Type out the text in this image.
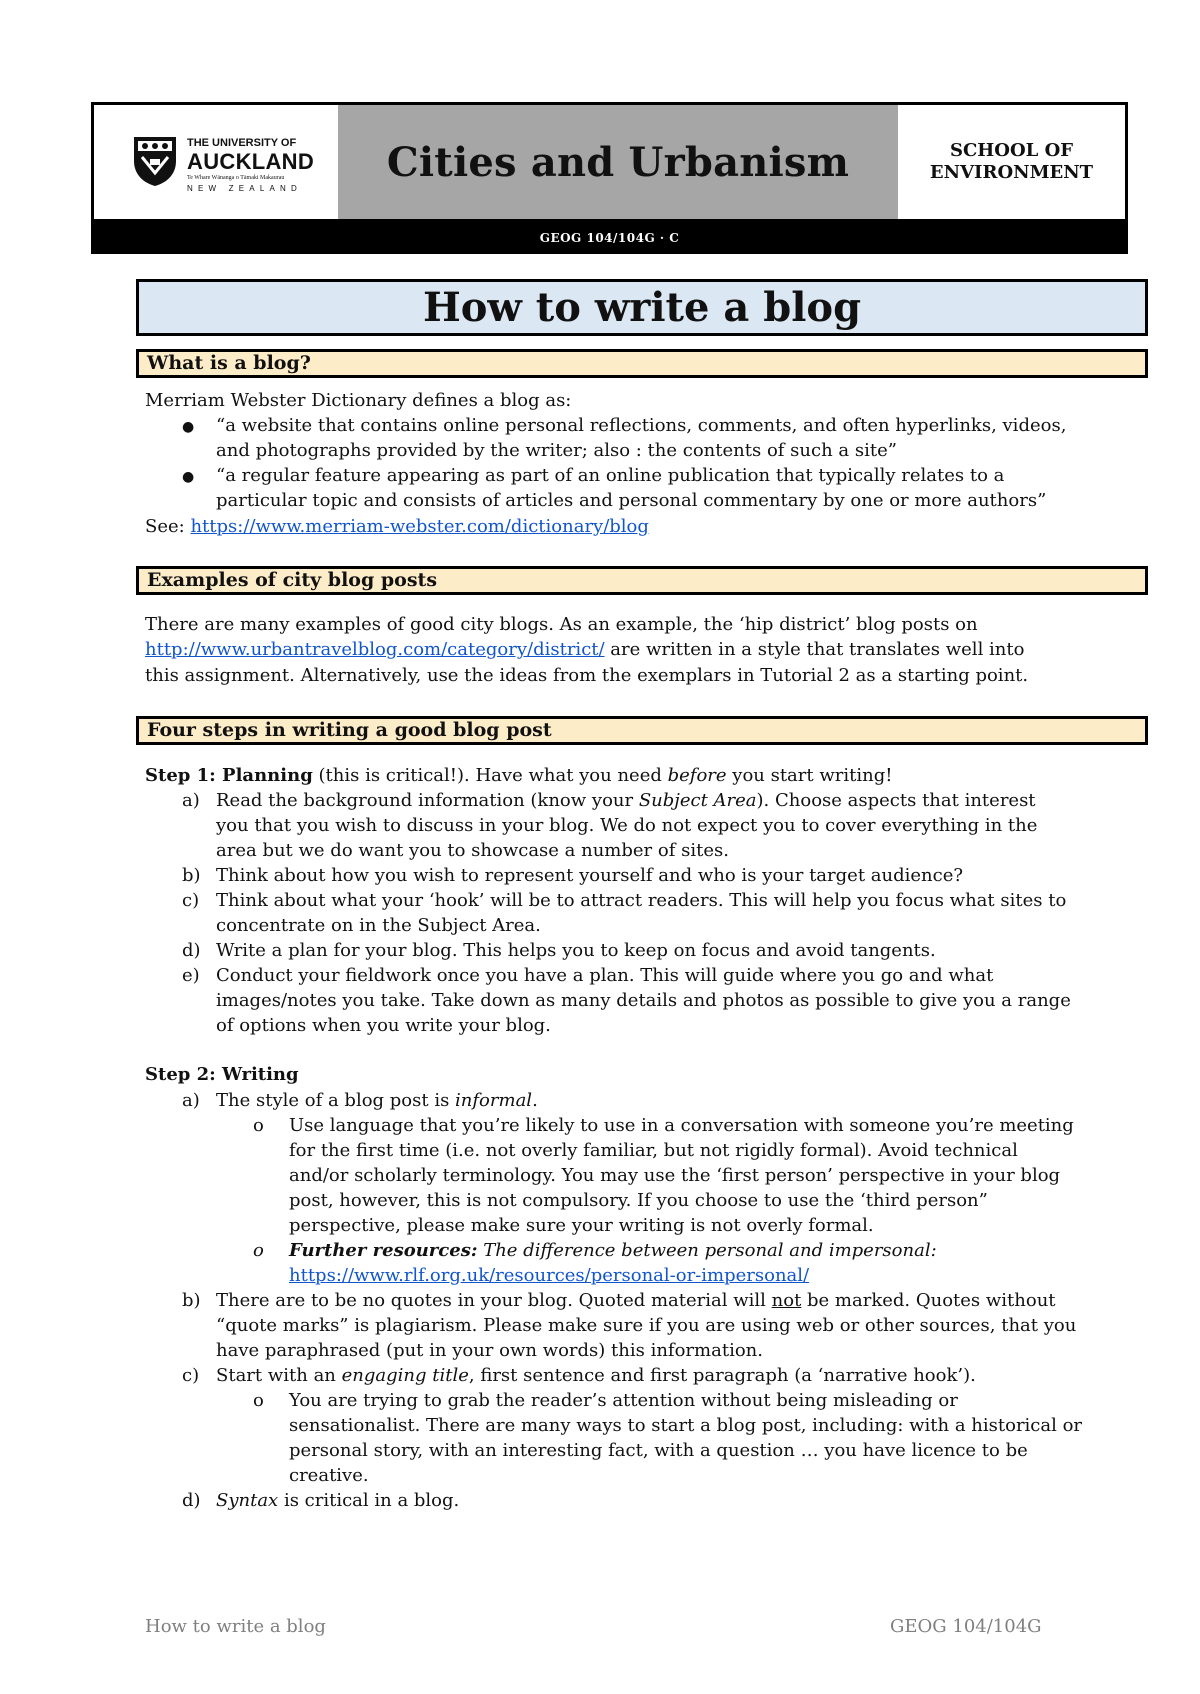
THE UNIVERSITY OF
AUCKLAND
Te Whare Wānanga o Tāmaki Makaurau
NEW ZEALAND
Cities and Urbanism	SCHOOL OF
ENVIRONMENT
GEOG 104/104G · C
How to write a blog
What is a blog?
Merriam Webster Dictionary defines a blog as:
● “a website that contains online personal reflections, comments, and often hyperlinks, videos,
and photographs provided by the writer; also : the contents of such a site”
● “a regular feature appearing as part of an online publication that typically relates to a
particular topic and consists of articles and personal commentary by one or more authors”
See: https://www.merriam-webster.com/dictionary/blog
Examples of city blog posts
There are many examples of good city blogs. As an example, the ‘hip district’ blog posts on
http://www.urbantravelblog.com/category/district/ are written in a style that translates well into
this assignment. Alternatively, use the ideas from the exemplars in Tutorial 2 as a starting point.
Four steps in writing a good blog post
Step 1: Planning (this is critical!). Have what you need before you start writing!
a) Read the background information (know your Subject Area). Choose aspects that interest
you that you wish to discuss in your blog. We do not expect you to cover everything in the
area but we do want you to showcase a number of sites.
b) Think about how you wish to represent yourself and who is your target audience?
c) Think about what your ‘hook’ will be to attract readers. This will help you focus what sites to
concentrate on in the Subject Area.
d) Write a plan for your blog. This helps you to keep on focus and avoid tangents.
e) Conduct your fieldwork once you have a plan. This will guide where you go and what
images/notes you take. Take down as many details and photos as possible to give you a range
of options when you write your blog.
Step 2: Writing
a) The style of a blog post is informal.
o Use language that you’re likely to use in a conversation with someone you’re meeting
for the first time (i.e. not overly familiar, but not rigidly formal). Avoid technical
and/or scholarly terminology. You may use the ‘first person’ perspective in your blog
post, however, this is not compulsory. If you choose to use the ‘third person”
perspective, please make sure your writing is not overly formal.
o Further resources: The difference between personal and impersonal:
https://www.rlf.org.uk/resources/personal-or-impersonal/
b) There are to be no quotes in your blog. Quoted material will not be marked. Quotes without
“quote marks” is plagiarism. Please make sure if you are using web or other sources, that you
have paraphrased (put in your own words) this information.
c) Start with an engaging title, first sentence and first paragraph (a ‘narrative hook’).
o You are trying to grab the reader’s attention without being misleading or
sensationalist. There are many ways to start a blog post, including: with a historical or
personal story, with an interesting fact, with a question … you have licence to be
creative.
d) Syntax is critical in a blog.
How to write a blog	GEOG 104/104G
